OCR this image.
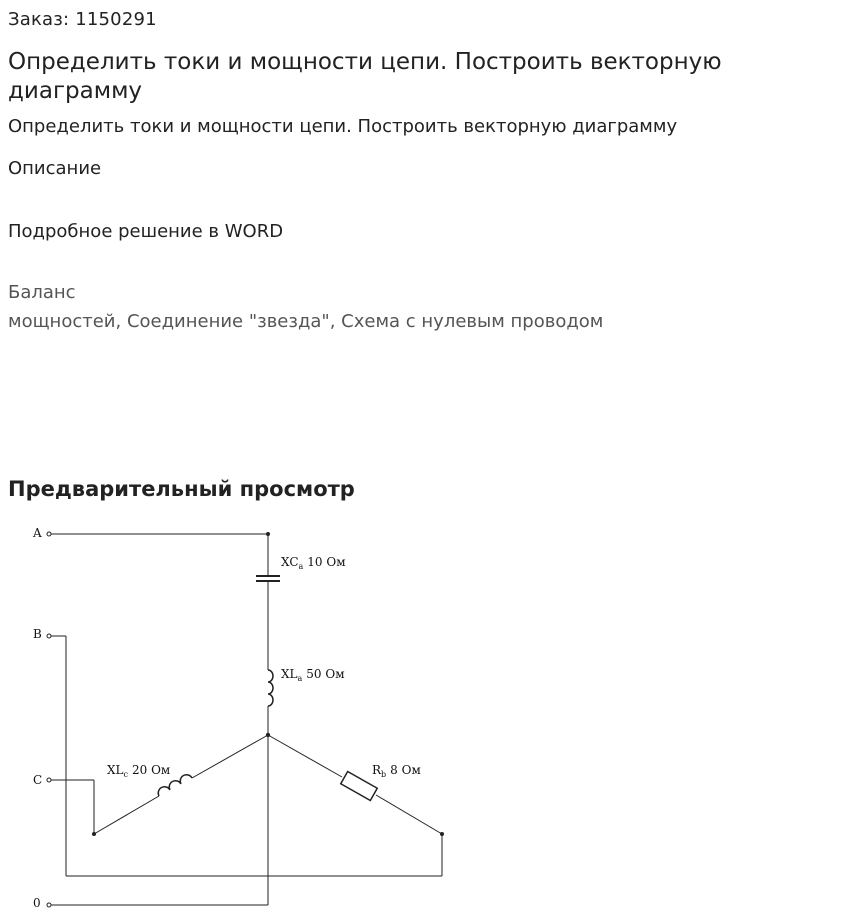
Заказ: 1150291
Определить токи и мощности цепи. Построить векторную диаграмму
Определить токи и мощности цепи. Построить векторную диаграмму
Описание
Подробное решение в WORD
Баланс
мощностей, Соединение "звезда", Схема с нулевым проводом
Предварительный просмотр
A
B
C
0
$XC_a$ 10 Ом
$XL_a$ 50 Ом
$XL_c$ 20 Ом	$R_b$ 8 Ом
